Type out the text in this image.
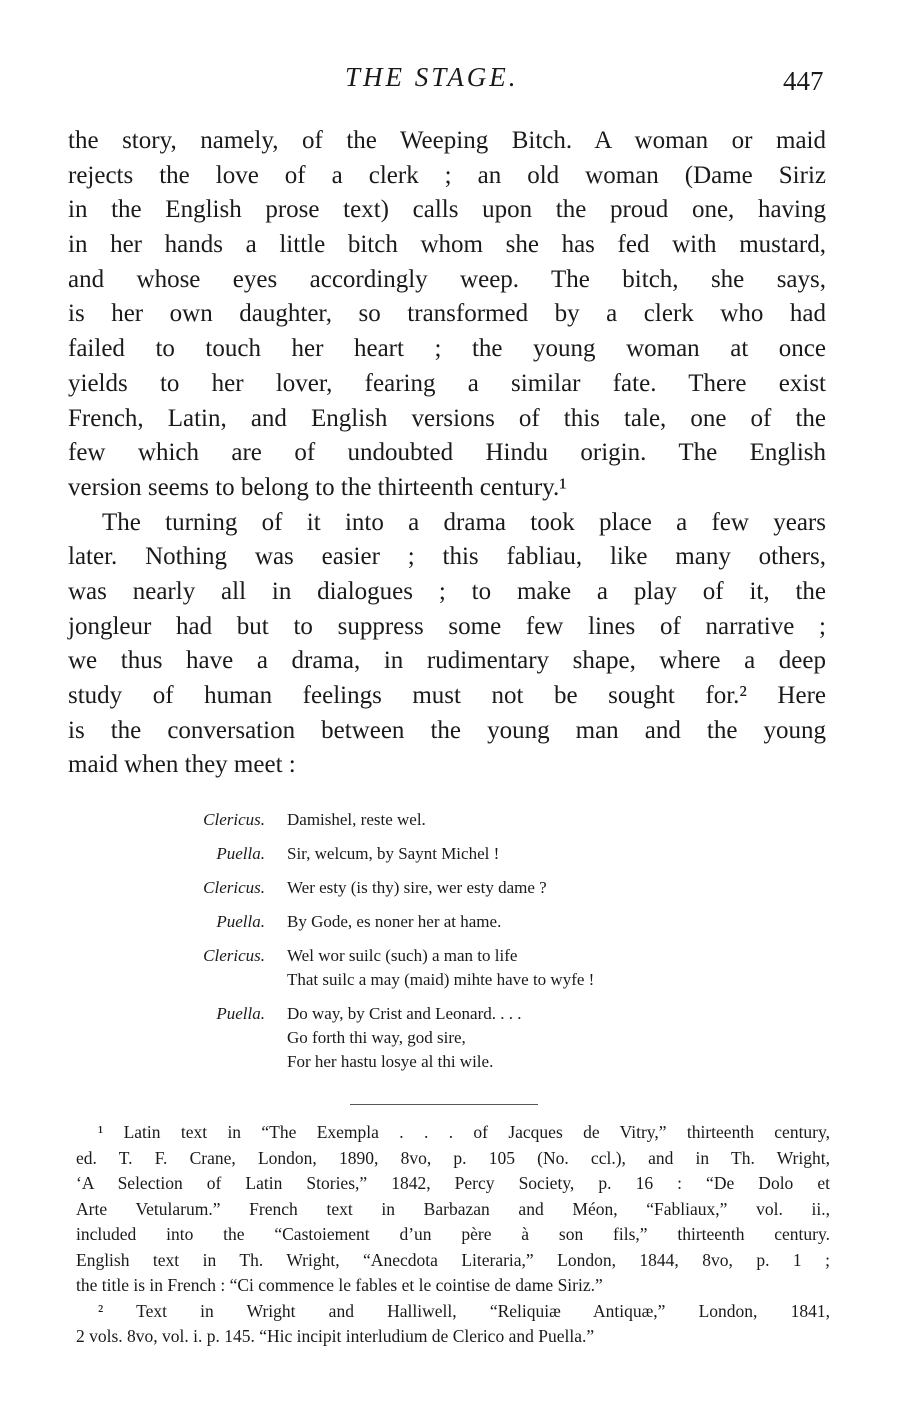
THE STAGE.	447
the story, namely, of the Weeping Bitch. A woman or maid
rejects the love of a clerk ; an old woman (Dame Siriz
in the English prose text) calls upon the proud one, having
in her hands a little bitch whom she has fed with mustard,
and whose eyes accordingly weep. The bitch, she says,
is her own daughter, so transformed by a clerk who had
failed to touch her heart ; the young woman at once
yields to her lover, fearing a similar fate. There exist
French, Latin, and English versions of this tale, one of the
few which are of undoubted Hindu origin. The English
version seems to belong to the thirteenth century.¹
The turning of it into a drama took place a few years
later. Nothing was easier ; this fabliau, like many others,
was nearly all in dialogues ; to make a play of it, the
jongleur had but to suppress some few lines of narrative ;
we thus have a drama, in rudimentary shape, where a deep
study of human feelings must not be sought for.² Here
is the conversation between the young man and the young
maid when they meet :
Clericus.	Damishel, reste wel.
Puella.	Sir, welcum, by Saynt Michel !
Clericus.	Wer esty (is thy) sire, wer esty dame ?
Puella.	By Gode, es noner her at hame.
Clericus.	Wel wor suilc (such) a man to life
That suilc a may (maid) mihte have to wyfe !
Puella.	Do way, by Crist and Leonard. . . .
Go forth thi way, god sire,
For her hastu losye al thi wile.
¹ Latin text in “The Exempla . . . of Jacques de Vitry,” thirteenth century,
ed. T. F. Crane, London, 1890, 8vo, p. 105 (No. ccl.), and in Th. Wright,
‘A Selection of Latin Stories,” 1842, Percy Society, p. 16 : “De Dolo et
Arte Vetularum.” French text in Barbazan and Méon, “Fabliaux,” vol. ii.,
included into the “Castoiement d’un père à son fils,” thirteenth century.
English text in Th. Wright, “Anecdota Literaria,” London, 1844, 8vo, p. 1 ;
the title is in French : “Ci commence le fables et le cointise de dame Siriz.”
² Text in Wright and Halliwell, “Reliquiæ Antiquæ,” London, 1841,
2 vols. 8vo, vol. i. p. 145. “Hic incipit interludium de Clerico and Puella.”
